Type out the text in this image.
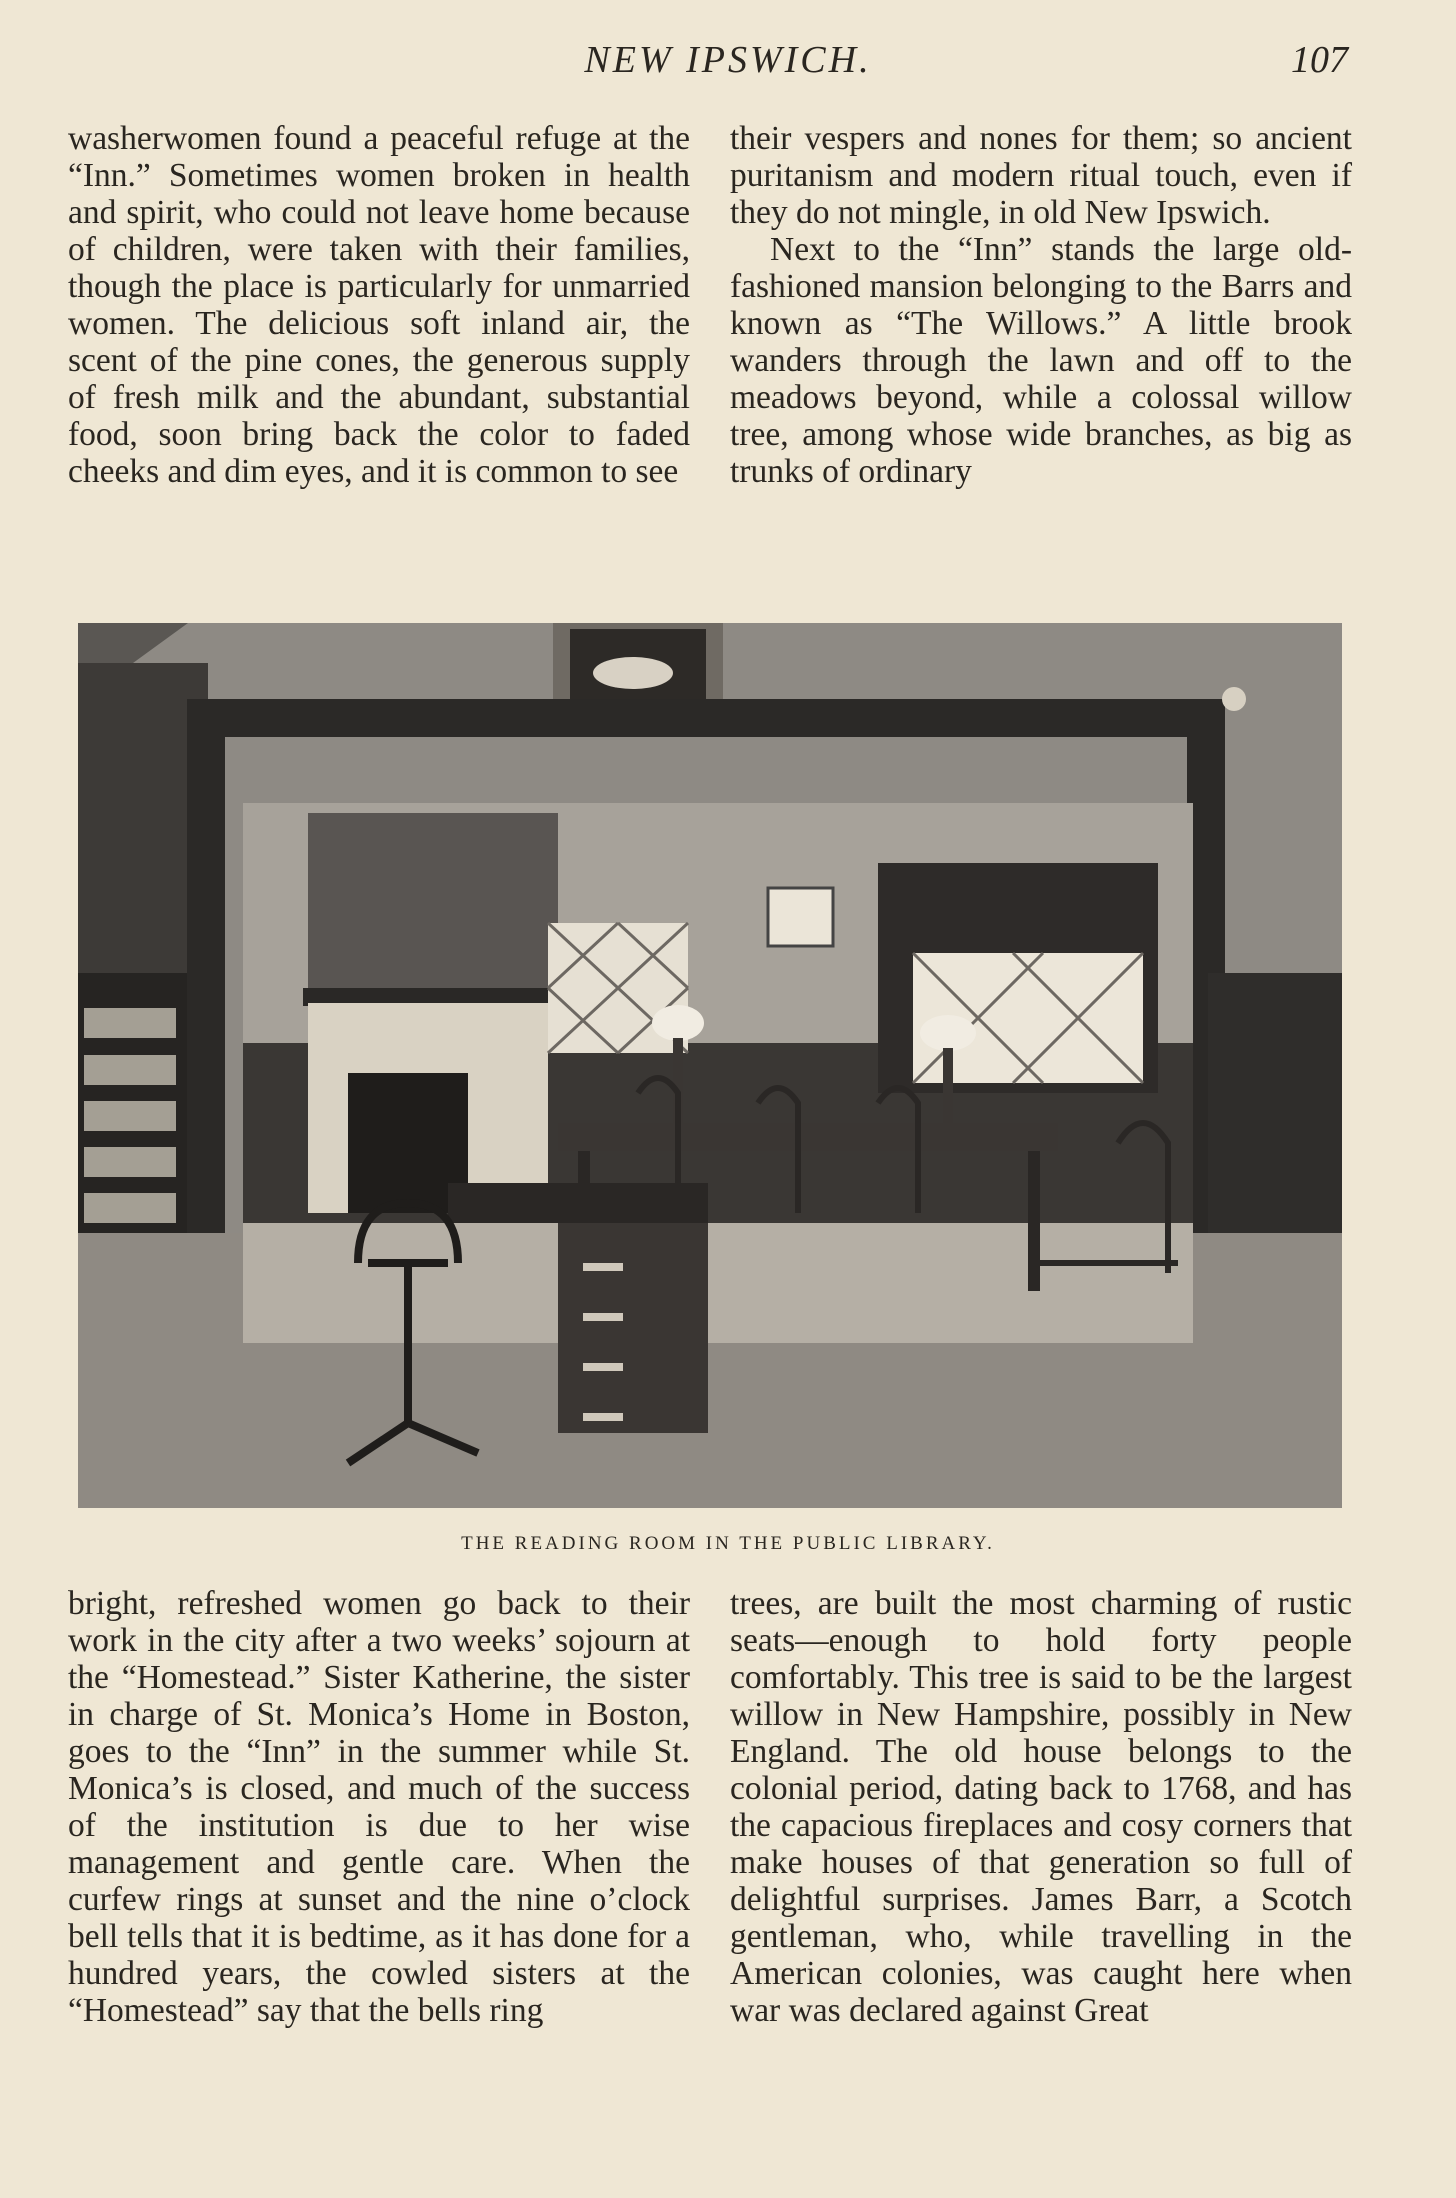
NEW IPSWICH.	107

washerwomen found a peaceful refuge at the “Inn.” Sometimes women broken in health and spirit, who could not leave home because of children, were taken with their families, though the place is particularly for unmarried women. The delicious soft inland air, the scent of the pine cones, the generous supply of fresh milk and the abundant, substantial food, soon bring back the color to faded cheeks and dim eyes, and it is common to see

their vespers and nones for them; so ancient puritanism and modern ritual touch, even if they do not mingle, in old New Ipswich.

Next to the “Inn” stands the large old-fashioned mansion belonging to the Barrs and known as “The Willows.” A little brook wanders through the lawn and off to the meadows beyond, while a colossal willow tree, among whose wide branches, as big as trunks of ordinary

THE READING ROOM IN THE PUBLIC LIBRARY.

bright, refreshed women go back to their work in the city after a two weeks’ sojourn at the “Homestead.” Sister Katherine, the sister in charge of St. Monica’s Home in Boston, goes to the “Inn” in the summer while St. Monica’s is closed, and much of the success of the institution is due to her wise management and gentle care. When the curfew rings at sunset and the nine o’clock bell tells that it is bedtime, as it has done for a hundred years, the cowled sisters at the “Homestead” say that the bells ring

trees, are built the most charming of rustic seats—enough to hold forty people comfortably. This tree is said to be the largest willow in New Hampshire, possibly in New England. The old house belongs to the colonial period, dating back to 1768, and has the capacious fireplaces and cosy corners that make houses of that generation so full of delightful surprises. James Barr, a Scotch gentleman, who, while travelling in the American colonies, was caught here when war was declared against Great
